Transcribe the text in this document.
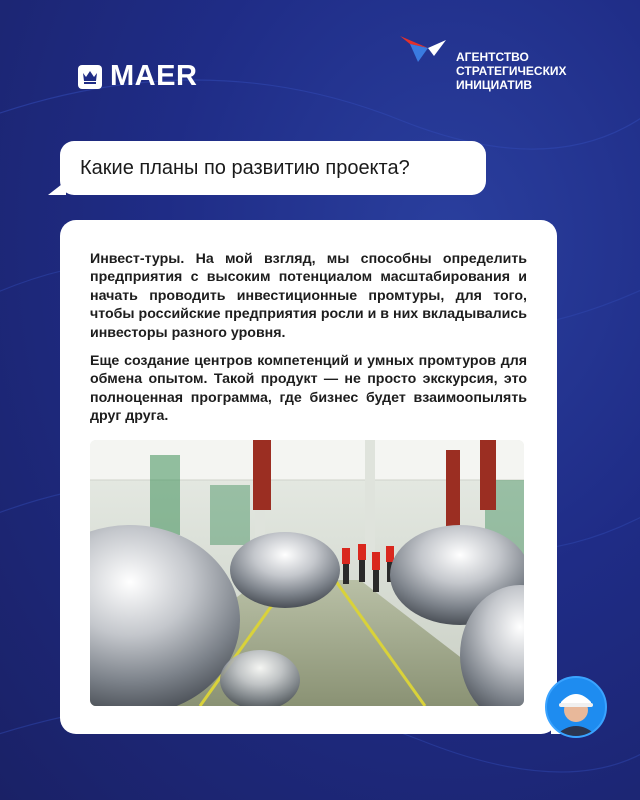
MAER
АГЕНТСТВО
СТРАТЕГИЧЕСКИХ
ИНИЦИАТИВ
Какие планы по развитию проекта?

Инвест-туры. На мой взгляд, мы способны определить предприятия с высоким потенциалом масштабирования и начать проводить инвестиционные промтуры, для того, чтобы российские предприятия росли и в них вкладывались инвесторы разного уровня.

Еще создание центров компетенций и умных промтуров для обмена опытом. Такой продукт — не просто экскурсия, это полноценная программа, где бизнес будет взаимоопылять друг друга.
